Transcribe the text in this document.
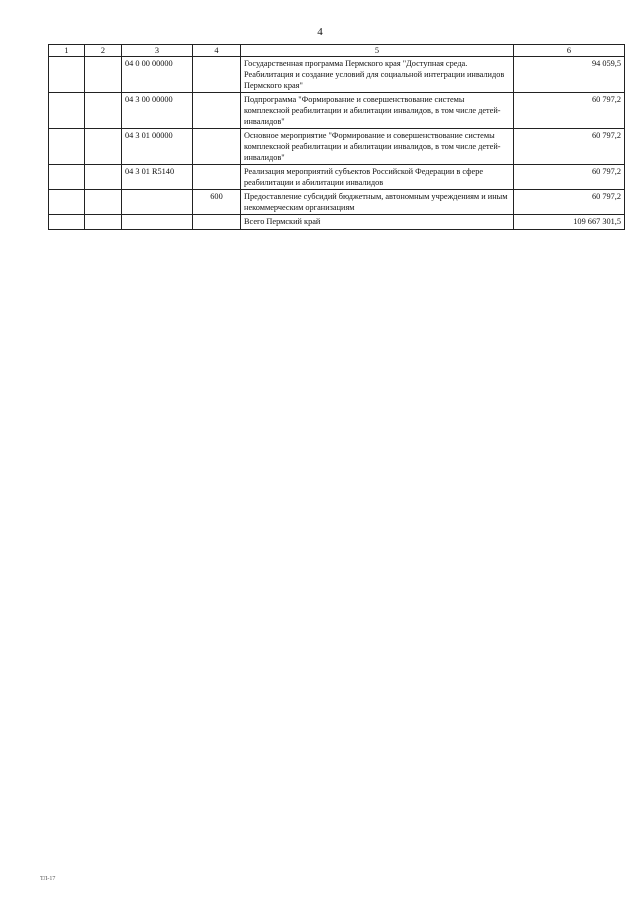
4
1	2	3	4	5	6
		04 0 00 00000		Государственная программа Пермского края "Доступная среда. Реабилитация и создание условий для социальной интеграции инвалидов Пермского края"	94 059,5
		04 3 00 00000		Подпрограмма "Формирование и совершенствование системы комплексной реабилитации и абилитации инвалидов, в том числе детей-инвалидов"	60 797,2
		04 3 01 00000		Основное мероприятие "Формирование и совершенствование системы комплексной реабилитации и абилитации инвалидов, в том числе детей-инвалидов"	60 797,2
		04 3 01 R5140		Реализация мероприятий субъектов Российской Федерации в сфере реабилитации и абилитации инвалидов	60 797,2
			600	Предоставление субсидий бюджетным, автономным учреждениям и иным некоммерческим организациям	60 797,2
				Всего Пермский край	109 667 301,5
ТЛ-17
